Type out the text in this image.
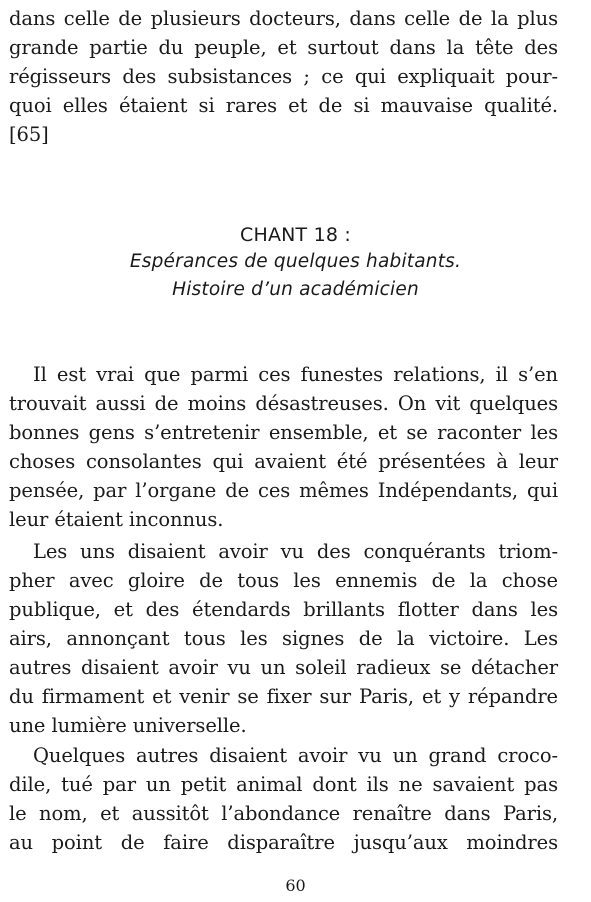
dans celle de plusieurs docteurs, dans celle de la plus
grande partie du peuple, et surtout dans la tête des
régisseurs des subsistances ; ce qui expliquait pour-
quoi elles étaient si rares et de si mauvaise qualité.
[65]
CHANT 18 :
Espérances de quelques habitants.
Histoire d’un académicien
Il est vrai que parmi ces funestes relations, il s’en
trouvait aussi de moins désastreuses. On vit quelques
bonnes gens s’entretenir ensemble, et se raconter les
choses consolantes qui avaient été présentées à leur
pensée, par l’organe de ces mêmes Indépendants, qui
leur étaient inconnus.
Les uns disaient avoir vu des conquérants triom-
pher avec gloire de tous les ennemis de la chose
publique, et des étendards brillants flotter dans les
airs, annonçant tous les signes de la victoire. Les
autres disaient avoir vu un soleil radieux se détacher
du firmament et venir se fixer sur Paris, et y répandre
une lumière universelle.
Quelques autres disaient avoir vu un grand croco-
dile, tué par un petit animal dont ils ne savaient pas
le nom, et aussitôt l’abondance renaître dans Paris,
au point de faire disparaître jusqu’aux moindres
60
